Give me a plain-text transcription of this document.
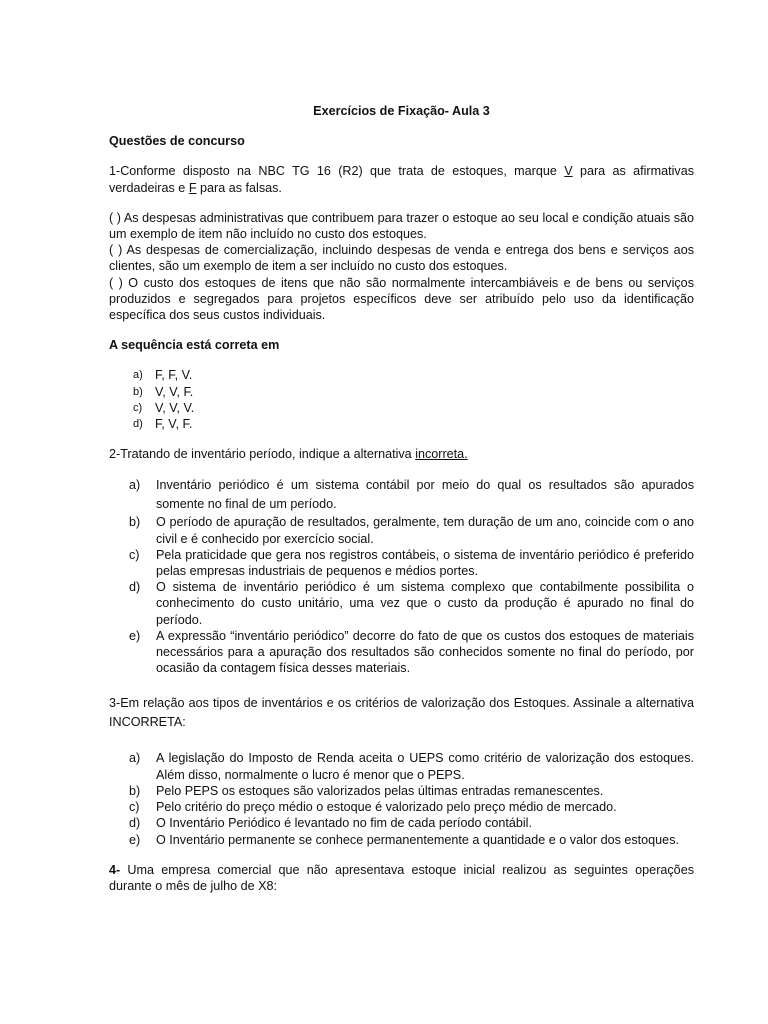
Exercícios de Fixação- Aula 3

Questões de concurso

1-Conforme disposto na NBC TG 16 (R2) que trata de estoques, marque V para as afirmativas verdadeiras e F para as falsas.

( ) As despesas administrativas que contribuem para trazer o estoque ao seu local e condição atuais são um exemplo de item não incluído no custo dos estoques.

( ) As despesas de comercialização, incluindo despesas de venda e entrega dos bens e serviços aos clientes, são um exemplo de item a ser incluído no custo dos estoques.

( ) O custo dos estoques de itens que não são normalmente intercambiáveis e de bens ou serviços produzidos e segregados para projetos específicos deve ser atribuído pelo uso da identificação específica dos seus custos individuais.

A sequência está correta em

a) F, F, V.
b) V, V, F.
c)	V, V, V.
d) F, V, F.

2-Tratando de inventário período, indique a alternativa incorreta.

a)	Inventário periódico é um sistema contábil por meio do qual os resultados são apurados somente no final de um período.
b)	O período de apuração de resultados, geralmente, tem duração de um ano, coincide com o ano civil e é conhecido por exercício social.
c)	Pela praticidade que gera nos registros contábeis, o sistema de inventário periódico é preferido pelas empresas industriais de pequenos e médios portes.
d)	O sistema de inventário periódico é um sistema complexo que contabilmente possibilita o conhecimento do custo unitário, uma vez que o custo da produção é apurado no final do período.
e)	A expressão “inventário periódico” decorre do fato de que os custos dos estoques de materiais necessários para a apuração dos resultados são conhecidos somente no final do período, por ocasião da contagem física desses materiais.

3-Em relação aos tipos de inventários e os critérios de valorização dos Estoques. Assinale a alternativa INCORRETA:

a)	A legislação do Imposto de Renda aceita o UEPS como critério de valorização dos estoques. Além disso, normalmente o lucro é menor que o PEPS.
b)	Pelo PEPS os estoques são valorizados pelas últimas entradas remanescentes.
c)	Pelo critério do preço médio o estoque é valorizado pelo preço médio de mercado.
d)	O Inventário Periódico é levantado no fim de cada período contábil.
e)	O Inventário permanente se conhece permanentemente a quantidade e o valor dos estoques.

4- Uma empresa comercial que não apresentava estoque inicial realizou as seguintes operações durante o mês de julho de X8:
